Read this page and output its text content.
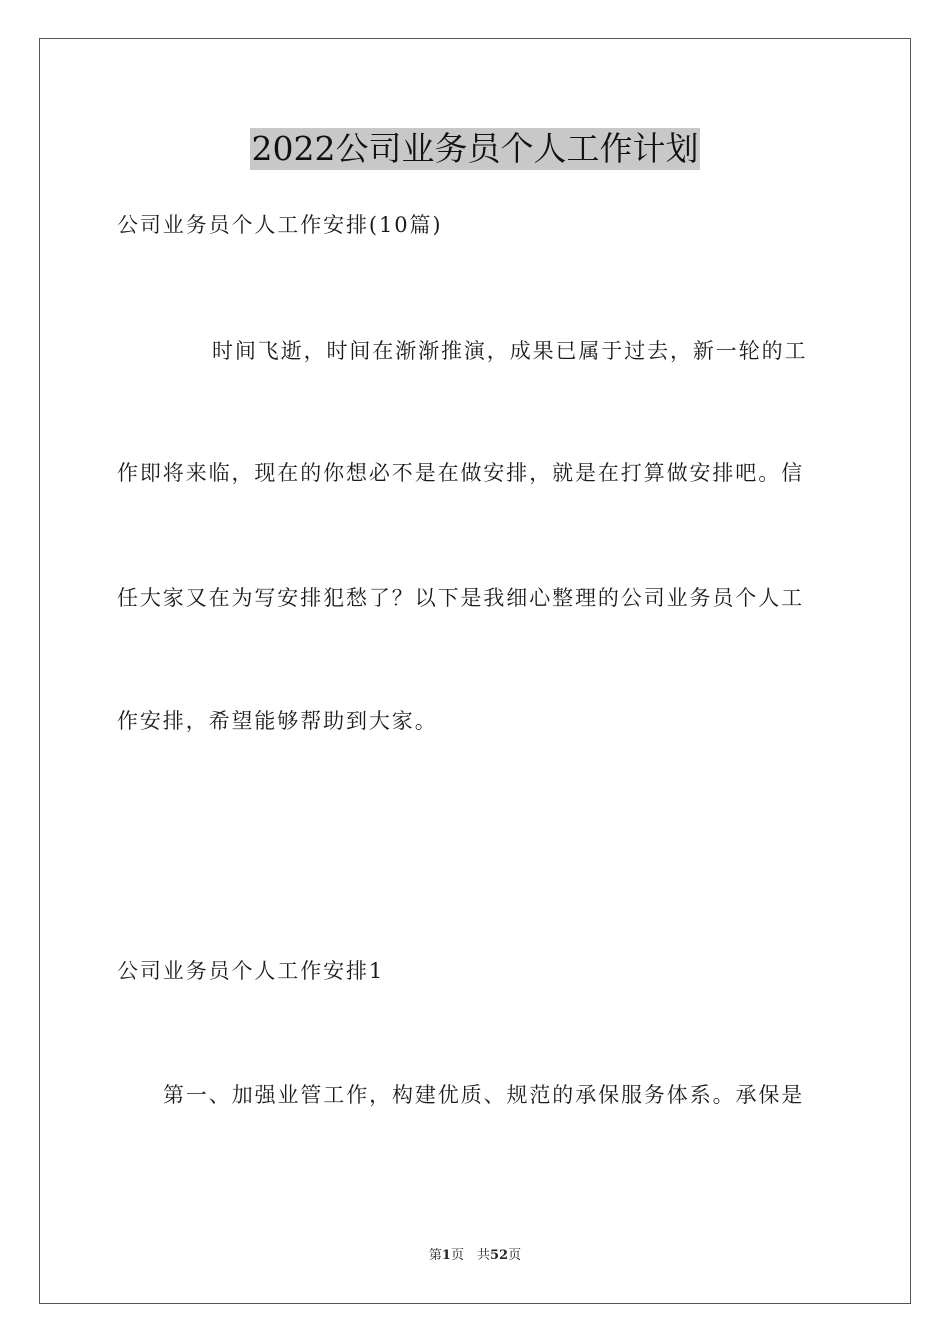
2022公司业务员个人工作计划
公司业务员个人工作安排(10篇)
时间飞逝，时间在渐渐推演，成果已属于过去，新一轮的工
作即将来临，现在的你想必不是在做安排，就是在打算做安排吧。信
任大家又在为写安排犯愁了？以下是我细心整理的公司业务员个人工
作安排，希望能够帮助到大家。
公司业务员个人工作安排1
第一、加强业管工作，构建优质、规范的承保服务体系。承保是
第1页　共52页
